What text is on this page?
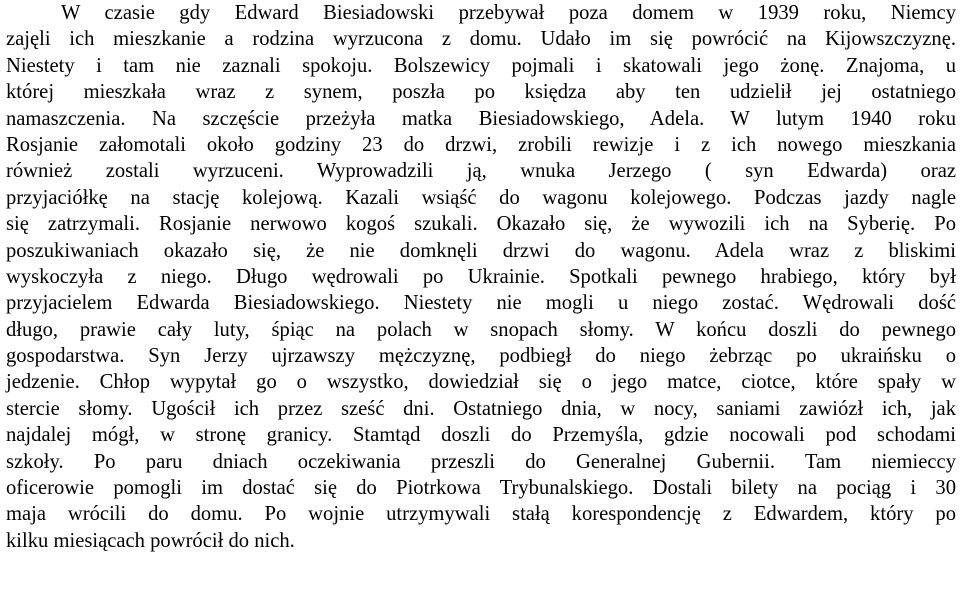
W czasie gdy Edward Biesiadowski przebywał poza domem w 1939 roku, Niemcy
zajęli ich mieszkanie a rodzina wyrzucona z domu. Udało im się powrócić na Kijowszczyznę.
Niestety i tam nie zaznali spokoju. Bolszewicy pojmali i skatowali jego żonę. Znajoma, u
której mieszkała wraz z synem, poszła po księdza aby ten udzielił jej ostatniego
namaszczenia. Na szczęście przeżyła matka Biesiadowskiego, Adela. W lutym 1940 roku
Rosjanie załomotali około godziny 23 do drzwi, zrobili rewizje i z ich nowego mieszkania
również zostali wyrzuceni. Wyprowadzili ją, wnuka Jerzego ( syn Edwarda) oraz
przyjaciółkę na stację kolejową. Kazali wsiąść do wagonu kolejowego. Podczas jazdy nagle
się zatrzymali. Rosjanie nerwowo kogoś szukali. Okazało się, że wywozili ich na Syberię. Po
poszukiwaniach okazało się, że nie domknęli drzwi do wagonu. Adela wraz z bliskimi
wyskoczyła z niego. Długo wędrowali po Ukrainie. Spotkali pewnego hrabiego, który był
przyjacielem Edwarda Biesiadowskiego. Niestety nie mogli u niego zostać. Wędrowali dość
długo, prawie cały luty, śpiąc na polach w snopach słomy. W końcu doszli do pewnego
gospodarstwa. Syn Jerzy ujrzawszy mężczyznę, podbiegł do niego żebrząc po ukraińsku o
jedzenie. Chłop wypytał go o wszystko, dowiedział się o jego matce, ciotce, które spały w
stercie słomy. Ugościł ich przez sześć dni. Ostatniego dnia, w nocy, saniami zawiózł ich, jak
najdalej mógł, w stronę granicy. Stamtąd doszli do Przemyśla, gdzie nocowali pod schodami
szkoły. Po paru dniach oczekiwania przeszli do Generalnej Gubernii. Tam niemieccy
oficerowie pomogli im dostać się do Piotrkowa Trybunalskiego. Dostali bilety na pociąg i 30
maja wrócili do domu. Po wojnie utrzymywali stałą korespondencję z Edwardem, który po
kilku miesiącach powrócił do nich.
